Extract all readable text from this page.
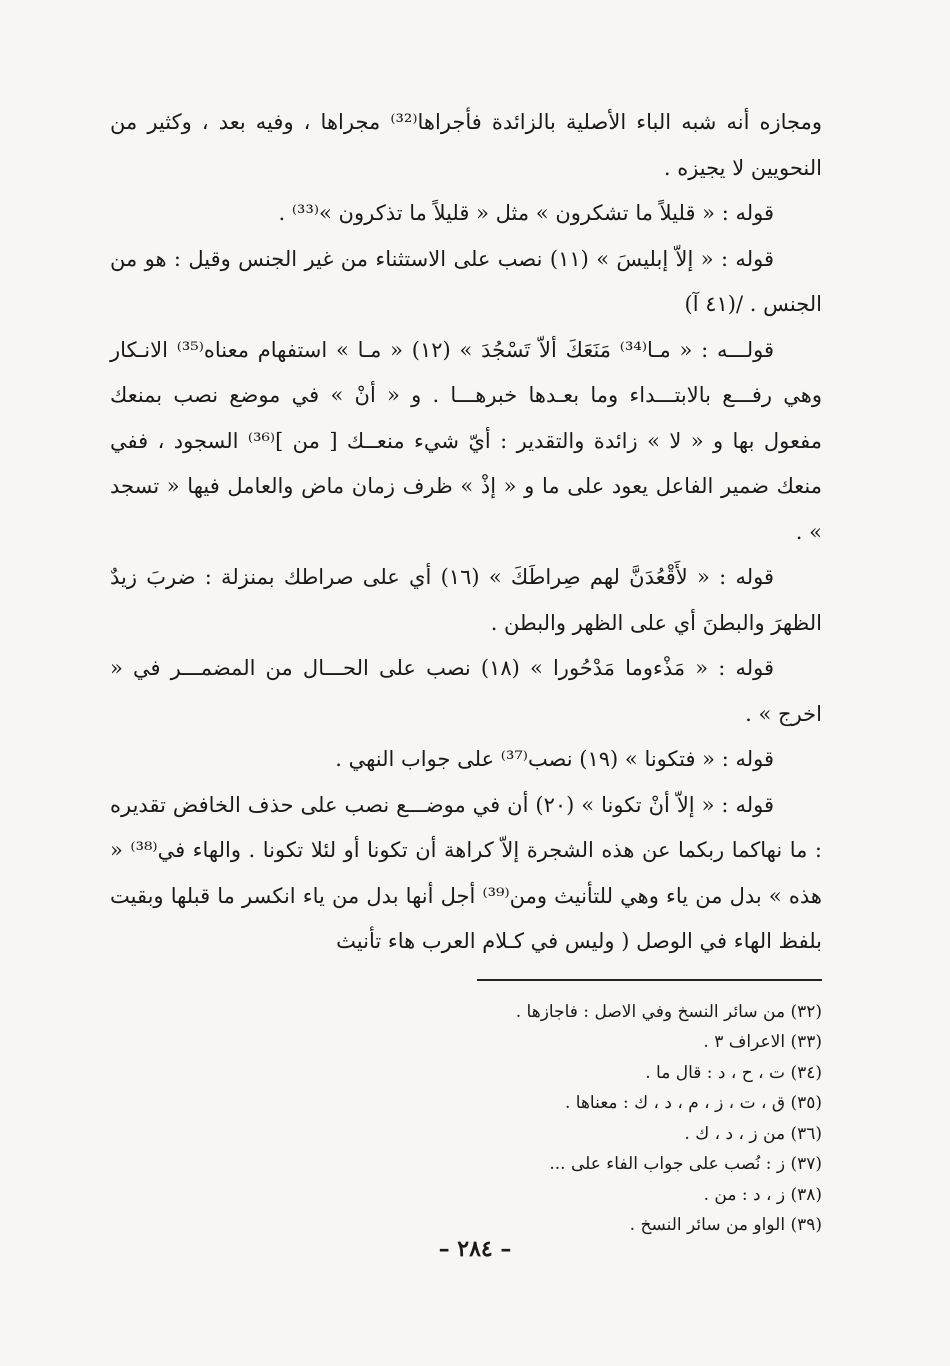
ومجازه أنه شبه الباء الأصلية بالزائدة فأجراها⁽³²⁾ مجراها ، وفيه بعد ، وكثير من النحويين لا يجيزه .

قوله : « قليلاً ما تشكرون » مثل « قليلاً ما تذكرون »⁽³³⁾ .

قوله : « إلاّ إبليسَ » (١١) نصب على الاستثناء من غير الجنس وقيل : هو من الجنس . /(٤١ آ)

قولـــه : « مـا⁽³⁴⁾ مَنَعَكَ ألاّ تَسْجُدَ » (١٢) « مـا » استفهام معناه⁽³⁵⁾ الانـكار وهي رفـــع بالابتـــداء وما بعـدها خبرهـــا . و « أنْ » في موضع نصب بمنعك مفعول بها و « لا » زائدة والتقدير : أيّ شيء منعــك [ من ]⁽³⁶⁾ السجود ، ففي منعك ضمير الفاعل يعود على ما و « إذْ » ظرف زمان ماض والعامل فيها « تسجد » .

قوله : « لأَقْعُدَنَّ لهم صِراطَكَ » (١٦) أي على صراطك بمنزلة : ضربَ زيدٌ الظهرَ والبطنَ أي على الظهر والبطن .

قوله : « مَذْءوما مَدْحُورا » (١٨) نصب على الحـــال من المضمـــر في « اخرج » .

قوله : « فتكونا » (١٩) نصب⁽³⁷⁾ على جواب النهي .

قوله : « إلاّ أنْ تكونا » (٢٠) أن في موضـــع نصب على حذف الخافض تقديره : ما نهاكما ربكما عن هذه الشجرة إلاّ كراهة أن تكونا أو لئلا تكونا . والهاء في⁽³⁸⁾ « هذه » بدل من ياء وهي للتأنيث ومن⁽³⁹⁾ أجل أنها بدل من ياء انكسر ما قبلها وبقيت بلفظ الهاء في الوصل ( وليس في كـلام العرب هاء تأنيث

(٣٢) من سائر النسخ وفي الاصل : فاجازها .
(٣٣) الاعراف ٣ .
(٣٤) ت ، ح ، د : قال ما .
(٣٥) ق ، ت ، ز ، م ، د ، ك : معناها .
(٣٦) من ز ، د ، ك .
(٣٧) ز : نُصب على جواب الفاء على ...
(٣٨) ز ، د : من .
(٣٩) الواو من سائر النسخ .
– ٢٨٤ –
